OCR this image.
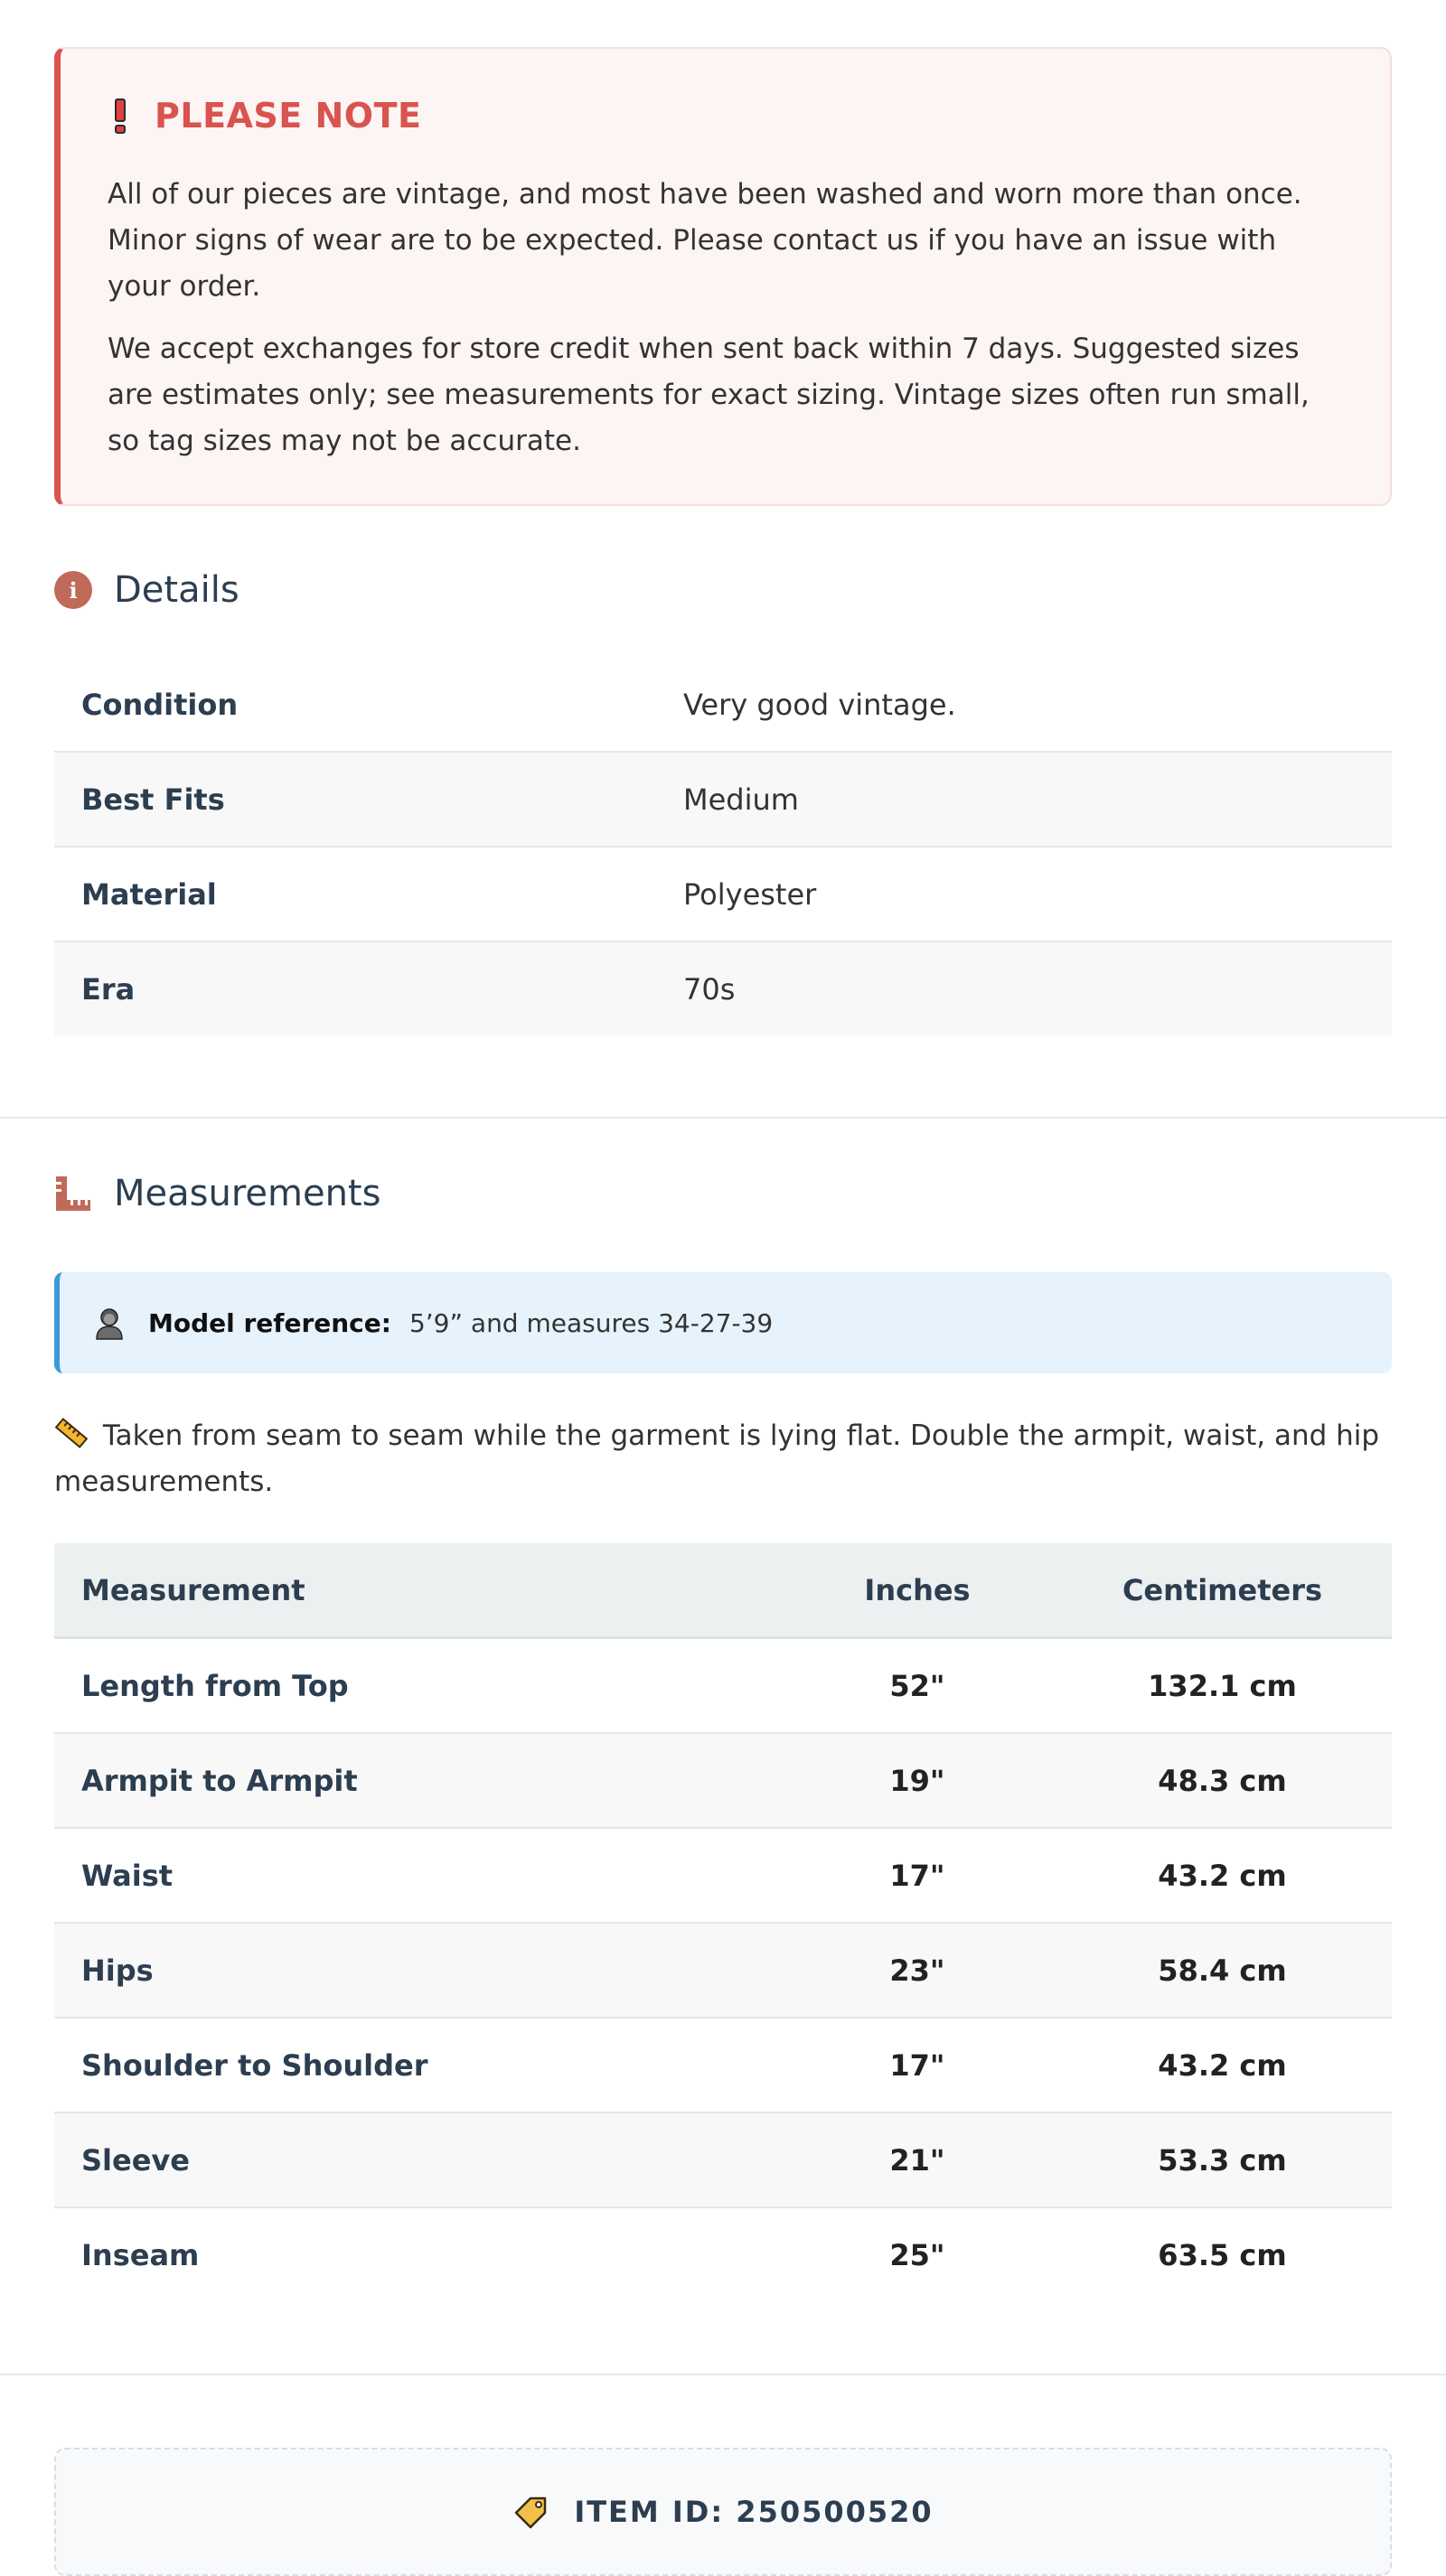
PLEASE NOTE

All of our pieces are vintage, and most have been washed and worn more than once. Minor signs of wear are to be expected. Please contact us if you have an issue with your order.

We accept exchanges for store credit when sent back within 7 days. Suggested sizes are estimates only; see measurements for exact sizing. Vintage sizes often run small, so tag sizes may not be accurate.

i	Details
Condition	Very good vintage.
Best Fits	Medium
Material	Polyester
Era	70s
Measurements
Model reference: 5’9” and measures 34-27-39
Taken from seam to seam while the garment is lying flat. Double the armpit, waist, and hip measurements.
Measurement	Inches	Centimeters
Length from Top	52"	132.1 cm
Armpit to Armpit	19"	48.3 cm
Waist	17"	43.2 cm
Hips	23"	58.4 cm
Shoulder to Shoulder	17"	43.2 cm
Sleeve	21"	53.3 cm
Inseam	25"	63.5 cm
ITEM ID: 250500520
